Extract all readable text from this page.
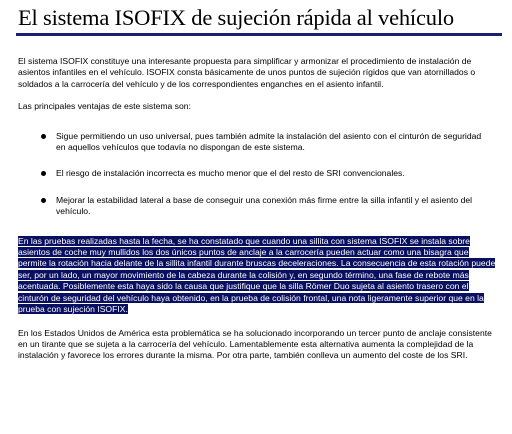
El sistema ISOFIX de sujeción rápida al vehículo

El sistema ISOFIX constituye una interesante propuesta para simplificar y armonizar el procedimiento de instalación de asientos infantiles en el vehículo. ISOFIX consta básicamente de unos puntos de sujeción rígidos que van atornillados o soldados a la carrocería del vehículo y de los correspondientes enganches en el asiento infantil.

Las principales ventajas de este sistema son:

Sigue permitiendo un uso universal, pues también admite la instalación del asiento con el cinturón de seguridad en aquellos vehículos que todavía no dispongan de este sistema.
El riesgo de instalación incorrecta es mucho menor que el del resto de SRI convencionales.
Mejorar la estabilidad lateral a base de conseguir una conexión más firme entre la silla infantil y el asiento del vehículo.

En las pruebas realizadas hasta la fecha, se ha constatado que cuando una sillita con sistema ISOFIX se instala sobre asientos de coche muy mullidos los dos únicos puntos de anclaje a la carrocería pueden actuar como una bisagra que permite la rotación hacia delante de la sillita infantil durante bruscas deceleraciones. La consecuencia de esta rotación puede ser, por un lado, un mayor movimiento de la cabeza durante la colisión y, en segundo término, una fase de rebote más acentuada. Posiblemente esta haya sido la causa que justifique que la silla Römer Duo sujeta al asiento trasero con el cinturón de seguridad del vehículo haya obtenido, en la prueba de colisión frontal, una nota ligeramente superior que en la prueba con sujeción ISOFIX.

En los Estados Unidos de América esta problemática se ha solucionado incorporando un tercer punto de anclaje consistente en un tirante que se sujeta a la carrocería del vehículo. Lamentablemente esta alternativa aumenta la complejidad de la instalación y favorece los errores durante la misma. Por otra parte, también conlleva un aumento del coste de los SRI.
